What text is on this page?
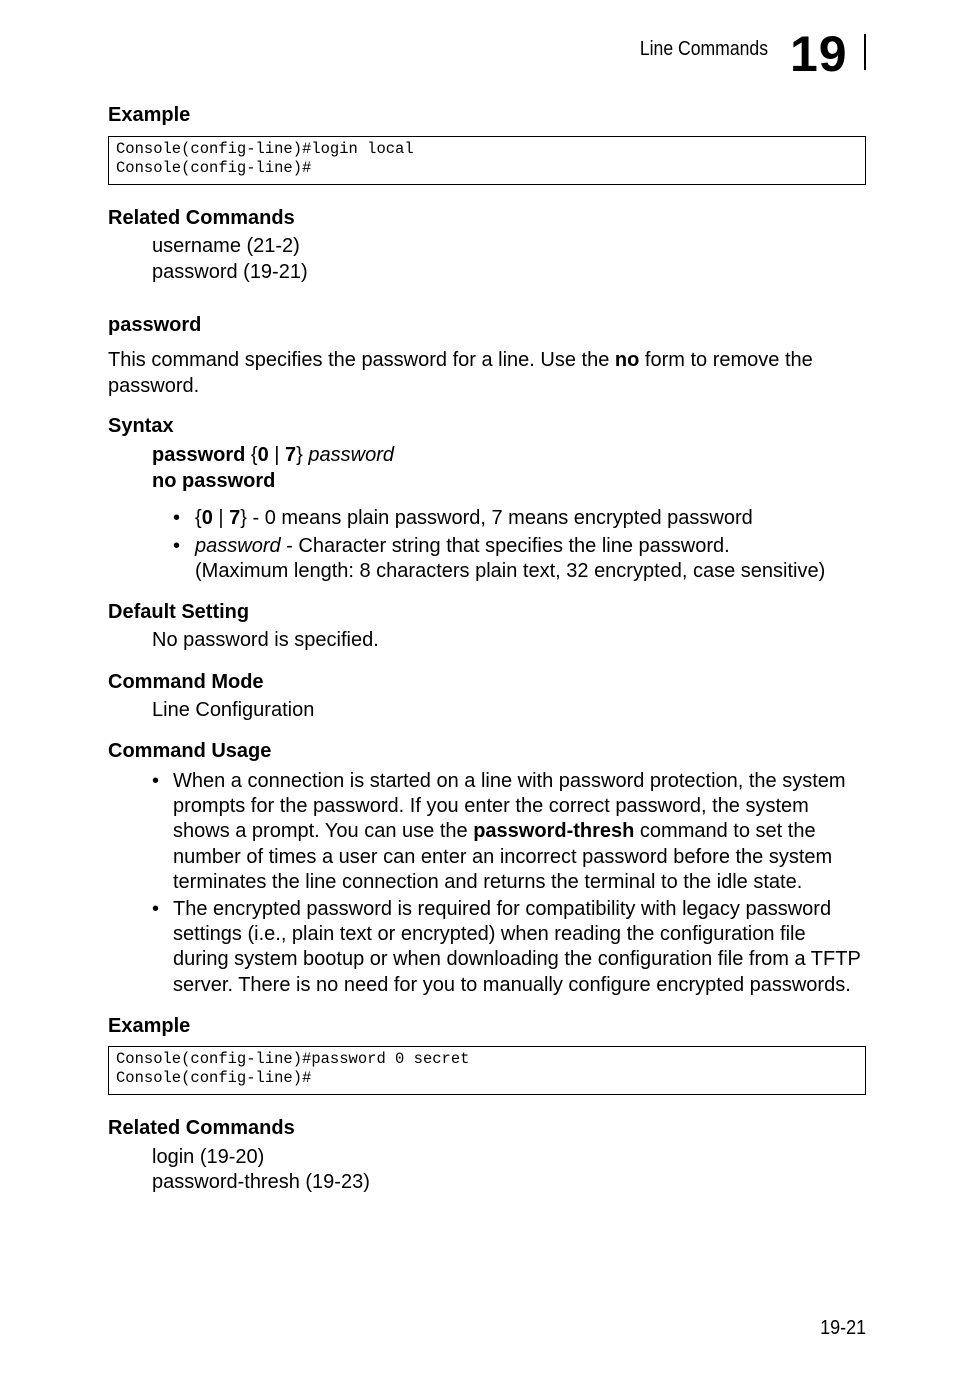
Line Commands 19
Example
Console(config-line)#login local
Console(config-line)#
Related Commands
username (21-2)
password (19-21)
password
This command specifies the password for a line. Use the no form to remove the password.
Syntax
password {0 | 7} password
no password
• {0 | 7} - 0 means plain password, 7 means encrypted password
• password - Character string that specifies the line password.
(Maximum length: 8 characters plain text, 32 encrypted, case sensitive)
Default Setting
No password is specified.
Command Mode
Line Configuration
Command Usage
• When a connection is started on a line with password protection, the system
prompts for the password. If you enter the correct password, the system
shows a prompt. You can use the password-thresh command to set the
number of times a user can enter an incorrect password before the system
terminates the line connection and returns the terminal to the idle state.
• The encrypted password is required for compatibility with legacy password
settings (i.e., plain text or encrypted) when reading the configuration file
during system bootup or when downloading the configuration file from a TFTP
server. There is no need for you to manually configure encrypted passwords.
Example
Console(config-line)#password 0 secret
Console(config-line)#
Related Commands
login (19-20)
password-thresh (19-23)
19-21
